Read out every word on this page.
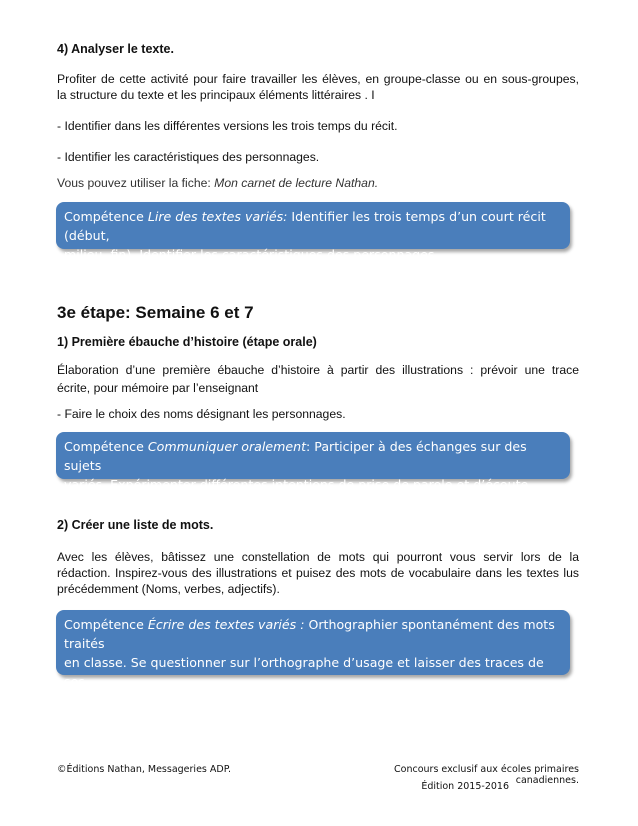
4) Analyser le texte.
Profiter de cette activité pour faire travailler les élèves, en groupe-classe ou en sous-groupes,
la structure du texte et les principaux éléments littéraires . I
- Identifier dans les différentes versions les trois temps du récit.
- Identifier les caractéristiques des personnages.
Vous pouvez utiliser la fiche: Mon carnet de lecture Nathan.
Compétence Lire des textes variés: Identifier les trois temps d’un court récit (début,
milieu, fin). Identifier les caractéristiques des personnages.
3e étape: Semaine 6 et 7
1) Première ébauche d’histoire (étape orale)
Élaboration d’une première ébauche d’histoire à partir des illustrations : prévoir une trace
écrite, pour mémoire par l’enseignant
- Faire le choix des noms désignant les personnages.
Compétence Communiquer oralement: Participer à des échanges sur des sujets
variés. Expérimenter différentes intentions de prise de parole et d’écoute.
2) Créer une liste de mots.
Avec les élèves, bâtissez une constellation de mots qui pourront vous servir lors de la
rédaction. Inspirez-vous des illustrations et puisez des mots de vocabulaire dans les textes lus
précédemment (Noms, verbes, adjectifs).
Compétence Écrire des textes variés : Orthographier spontanément des mots traités
en classe. Se questionner sur l’orthographe d’usage et laisser des traces de ses
doutes.
©Éditions Nathan, Messageries ADP.	Concours exclusif aux écoles primaires canadiennes.
Édition 2015-2016
